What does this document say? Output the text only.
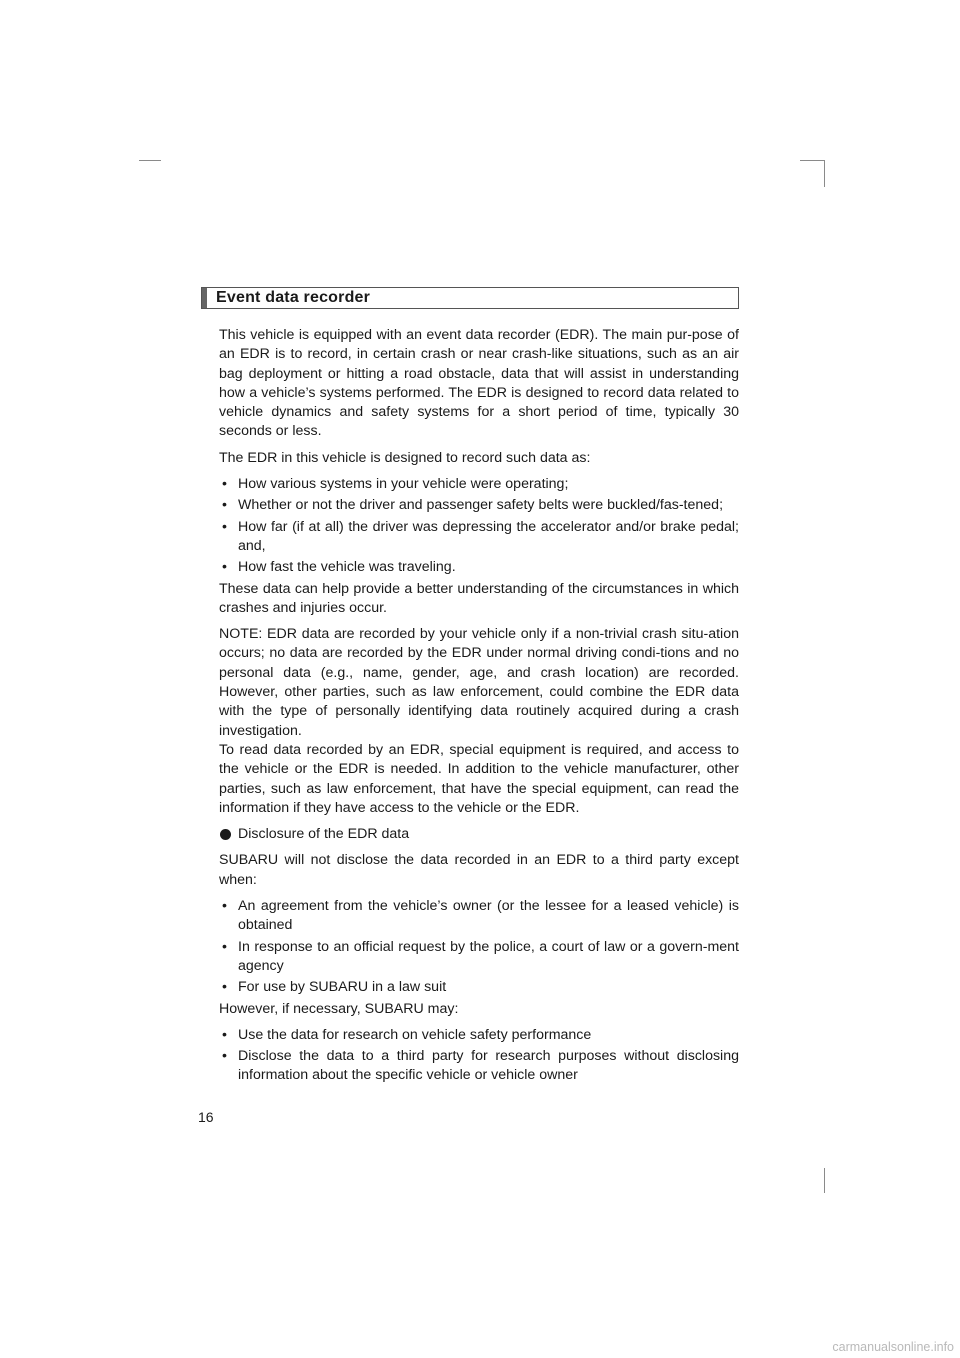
Event data recorder

This vehicle is equipped with an event data recorder (EDR). The main pur-pose of an EDR is to record, in certain crash or near crash-like situations, such as an air bag deployment or hitting a road obstacle, data that will assist in understanding how a vehicle’s systems performed. The EDR is designed to record data related to vehicle dynamics and safety systems for a short period of time, typically 30 seconds or less.

The EDR in this vehicle is designed to record such data as:

• How various systems in your vehicle were operating;
• Whether or not the driver and passenger safety belts were buckled/fas-tened;
• How far (if at all) the driver was depressing the accelerator and/or brake pedal; and,
• How fast the vehicle was traveling.

These data can help provide a better understanding of the circumstances in which crashes and injuries occur.

NOTE: EDR data are recorded by your vehicle only if a non-trivial crash situ-ation occurs; no data are recorded by the EDR under normal driving condi-tions and no personal data (e.g., name, gender, age, and crash location) are recorded. However, other parties, such as law enforcement, could combine the EDR data with the type of personally identifying data routinely acquired during a crash investigation.

To read data recorded by an EDR, special equipment is required, and access to the vehicle or the EDR is needed. In addition to the vehicle manufacturer, other parties, such as law enforcement, that have the special equipment, can read the information if they have access to the vehicle or the EDR.

Disclosure of the EDR data

SUBARU will not disclose the data recorded in an EDR to a third party except when:

• An agreement from the vehicle’s owner (or the lessee for a leased vehicle) is obtained
• In response to an official request by the police, a court of law or a govern-ment agency
• For use by SUBARU in a law suit

However, if necessary, SUBARU may:

• Use the data for research on vehicle safety performance
• Disclose the data to a third party for research purposes without disclosing information about the specific vehicle or vehicle owner
16
carmanualsonline.info
